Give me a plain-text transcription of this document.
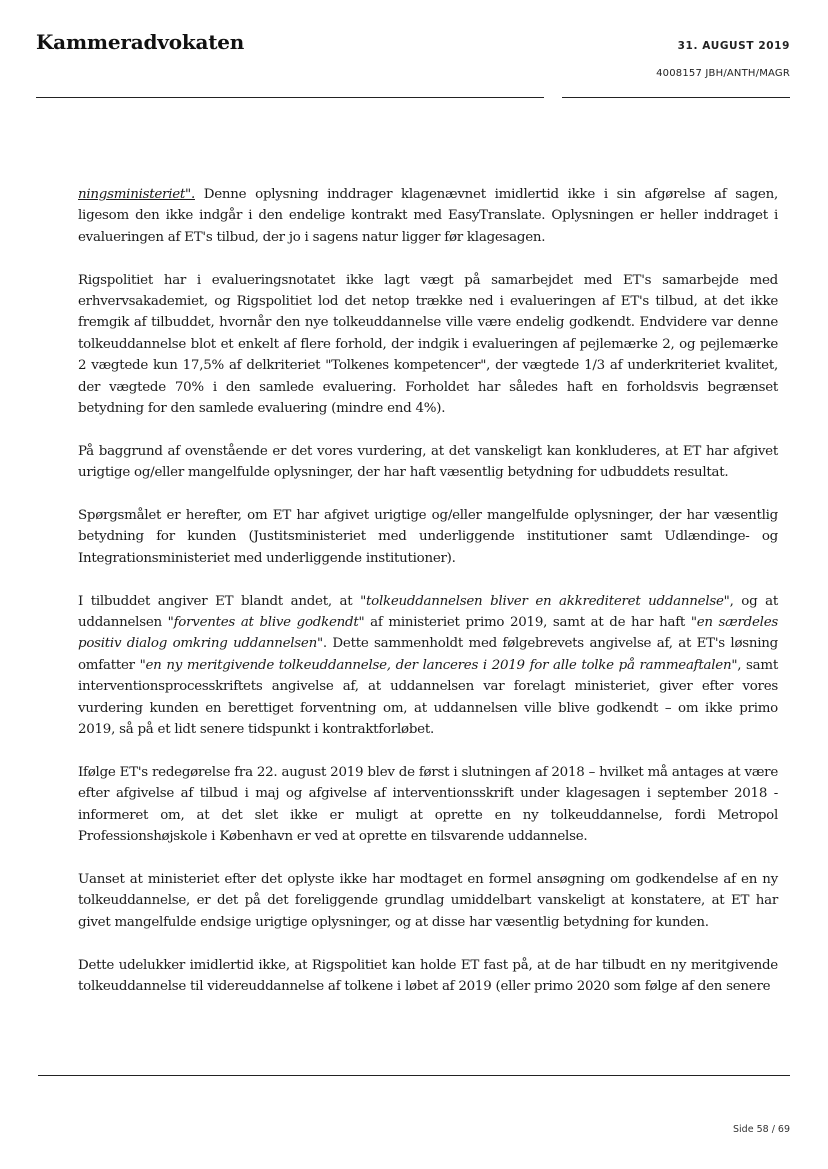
Kammeradvokaten	31. AUGUST 2019
4008157 JBH/ANTH/MAGR

ningsministeriet". Denne oplysning inddrager klagenævnet imidlertid ikke i sin afgørelse af sagen, ligesom den ikke indgår i den endelige kontrakt med EasyTranslate. Oplysningen er heller inddraget i evalueringen af ET's tilbud, der jo i sagens natur ligger før klagesagen.

Rigspolitiet har i evalueringsnotatet ikke lagt vægt på samarbejdet med ET's samarbejde med erhvervsakademiet, og Rigspolitiet lod det netop trække ned i evalueringen af ET's tilbud, at det ikke fremgik af tilbuddet, hvornår den nye tolkeuddannelse ville være endelig godkendt. Endvidere var denne tolkeuddannelse blot et enkelt af flere forhold, der indgik i evalueringen af pejlemærke 2, og pejlemærke 2 vægtede kun 17,5% af delkriteriet "Tolkenes kompetencer", der vægtede 1/3 af underkriteriet kvalitet, der vægtede 70% i den samlede evaluering. Forholdet har således haft en forholdsvis begrænset betydning for den samlede evaluering (mindre end 4%).

På baggrund af ovenstående er det vores vurdering, at det vanskeligt kan konkluderes, at ET har afgivet urigtige og/eller mangelfulde oplysninger, der har haft væsentlig betydning for udbuddets resultat.

Spørgsmålet er herefter, om ET har afgivet urigtige og/eller mangelfulde oplysninger, der har væsentlig betydning for kunden (Justitsministeriet med underliggende institutioner samt Udlændinge- og Integrationsministeriet med underliggende institutioner).

I tilbuddet angiver ET blandt andet, at "tolkeuddannelsen bliver en akkrediteret uddannelse", og at uddannelsen "forventes at blive godkendt" af ministeriet primo 2019, samt at de har haft "en særdeles positiv dialog omkring uddannelsen". Dette sammenholdt med følgebrevets angivelse af, at ET's løsning omfatter "en ny meritgivende tolkeuddannelse, der lanceres i 2019 for alle tolke på rammeaftalen", samt interventionsprocesskriftets angivelse af, at uddannelsen var forelagt ministeriet, giver efter vores vurdering kunden en berettiget forventning om, at uddannelsen ville blive godkendt – om ikke primo 2019, så på et lidt senere tidspunkt i kontraktforløbet.

Ifølge ET's redegørelse fra 22. august 2019 blev de først i slutningen af 2018 – hvilket må antages at være efter afgivelse af tilbud i maj og afgivelse af interventionsskrift under klagesagen i september 2018 - informeret om, at det slet ikke er muligt at oprette en ny tolkeuddannelse, fordi Metropol Professionshøjskole i København er ved at oprette en tilsvarende uddannelse.

Uanset at ministeriet efter det oplyste ikke har modtaget en formel ansøgning om godkendelse af en ny tolkeuddannelse, er det på det foreliggende grundlag umiddelbart vanskeligt at konstatere, at ET har givet mangelfulde endsige urigtige oplysninger, og at disse har væsentlig betydning for kunden.

Dette udelukker imidlertid ikke, at Rigspolitiet kan holde ET fast på, at de har tilbudt en ny meritgivende tolkeuddannelse til videreuddannelse af tolkene i løbet af 2019 (eller primo 2020 som følge af den senere

Side 58 / 69
